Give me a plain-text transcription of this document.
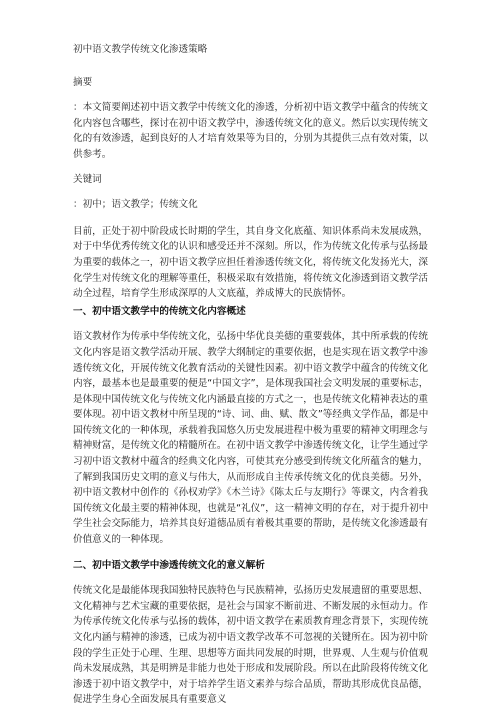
初中语文教学传统文化渗透策略

摘要

：本文简要阐述初中语文教学中传统文化的渗透，分析初中语文教学中蕴含的传统文化内容包含哪些，探讨在初中语文教学中，渗透传统文化的意义。然后以实现传统文化的有效渗透，起到良好的人才培育效果等为目的，分别为其提供三点有效对策，以供参考。

关键词

：初中；语文教学；传统文化

目前，正处于初中阶段成长时期的学生，其自身文化底蕴、知识体系尚未发展成熟，对于中华优秀传统文化的认识和感受还并不深刻。所以，作为传统文化传承与弘扬最为重要的载体之一，初中语文教学应担任着渗透传统文化，将传统文化发扬光大，深化学生对传统文化的理解等重任，积极采取有效措施，将传统文化渗透到语文教学活动全过程，培育学生形成深厚的人文底蕴，养成博大的民族情怀。

一、初中语文教学中的传统文化内容概述

语文教材作为传承中华传统文化，弘扬中华优良美德的重要载体，其中所承载的传统文化内容是语文教学活动开展、教学大纲制定的重要依据，也是实现在语文教学中渗透传统文化，开展传统文化教育活动的关键性因素。初中语文教学中蕴含的传统文化内容，最基本也是最重要的便是“中国文字”，是体现我国社会文明发展的重要标志，是体现中国传统文化与传统文化内涵最直接的方式之一，也是传统文化精神表达的重要体现。初中语文教材中所呈现的“诗、词、曲、赋、散文”等经典文学作品，都是中国传统文化的一种体现，承载着我国悠久历史发展进程中极为重要的精神文明理念与精神财富，是传统文化的精髓所在。在初中语文教学中渗透传统文化，让学生通过学习初中语文教材中蕴含的经典文化内容，可使其充分感受到传统文化所蕴含的魅力，了解到我国历史文明的意义与伟大，从而形成自主传承传统文化的优良美德。另外，初中语文教材中创作的《孙权劝学》《木兰诗》《陈太丘与友期行》等课文，内含着我国传统文化最主要的精神体现，也就是“礼仪”，这一精神文明的存在，对于提升初中学生社会交际能力，培养其良好道德品质有着极其重要的帮助，是传统文化渗透最有价值意义的一种体现。

二、初中语文教学中渗透传统文化的意义解析

传统文化是最能体现我国独特民族特色与民族精神，弘扬历史发展遗留的重要思想、文化精神与艺术宝藏的重要依据，是社会与国家不断前进、不断发展的永恒动力。作为传承传统文化传承与弘扬的载体，初中语文教学在素质教育理念背景下，实现传统文化内涵与精神的渗透，已成为初中语文教学改革不可忽视的关键所在。因为初中阶段的学生正处于心理、生理、思想等方面共同发展的时期，世界观、人生观与价值观尚未发展成熟，其是明辨是非能力也处于形成和发展阶段。所以在此阶段将传统文化渗透于初中语文教学中，对于培养学生语文素养与综合品质，帮助其形成优良品德，促进学生身心全面发展具有重要意义
